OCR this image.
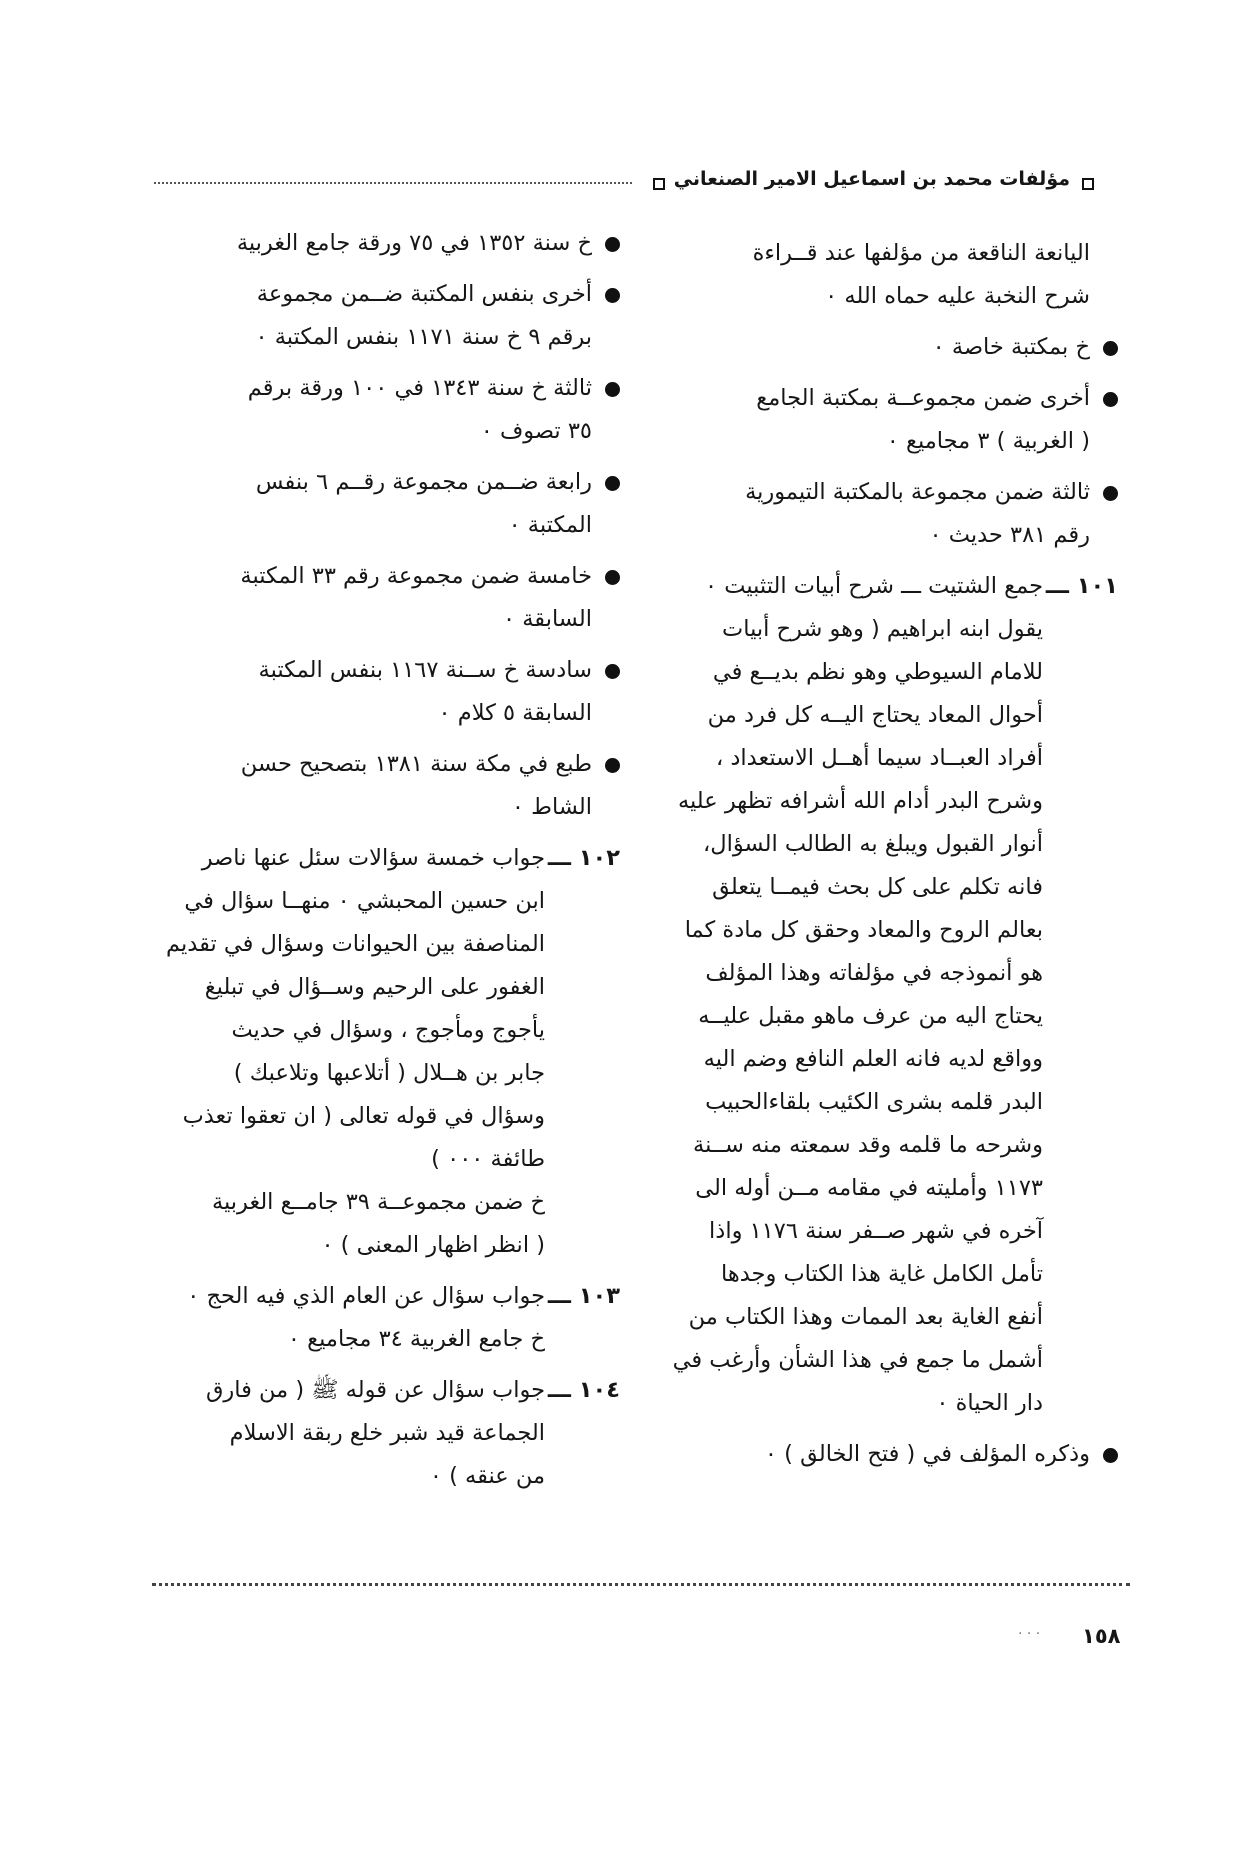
مؤلفات محمد بن اسماعيل الامير الصنعاني
اليانعة الناقعة من مؤلفها عند قــراءة
شرح النخبة عليه حماه الله ٠
خ بمكتبة خاصة ٠
أخرى ضمن مجموعــة بمكتبة الجامع
( الغربية ) ٣ مجاميع ٠
ثالثة ضمن مجموعة بالمكتبة التيمورية
رقم ٣٨١ حديث ٠
١٠١ ـــ
جمع الشتيت ـــ شرح أبيات التثبيت ٠
يقول ابنه ابراهيم ( وهو شرح أبيات
للامام السيوطي وهو نظم بديــع في
أحوال المعاد يحتاج اليــه كل فرد من
أفراد العبــاد سيما أهــل الاستعداد ،
وشرح البدر أدام الله أشرافه تظهر عليه
أنوار القبول ويبلغ به الطالب السؤال،
فانه تكلم على كل بحث فيمــا يتعلق
بعالم الروح والمعاد وحقق كل مادة كما
هو أنموذجه في مؤلفاته وهذا المؤلف
يحتاج اليه من عرف ماهو مقبل عليــه
وواقع لديه فانه العلم النافع وضم اليه
البدر قلمه بشرى الكئيب بلقاءالحبيب
وشرحه ما قلمه وقد سمعته منه ســنة
١١٧٣ وأمليته في مقامه مــن أوله الى
آخره في شهر صــفر سنة ١١٧٦ واذا
تأمل الكامل غاية هذا الكتاب وجدها
أنفع الغاية بعد الممات وهذا الكتاب من
أشمل ما جمع في هذا الشأن وأرغب في
دار الحياة ٠
وذكره المؤلف في ( فتح الخالق ) ٠
خ سنة ١٣٥٢ في ٧٥ ورقة جامع الغربية
أخرى بنفس المكتبة ضــمن مجموعة
برقم ٩ خ سنة ١١٧١ بنفس المكتبة ٠
ثالثة خ سنة ١٣٤٣ في ١٠٠ ورقة برقم
٣٥ تصوف ٠
رابعة ضــمن مجموعة رقــم ٦ بنفس
المكتبة ٠
خامسة ضمن مجموعة رقم ٣٣ المكتبة
السابقة ٠
سادسة خ ســنة ١١٦٧ بنفس المكتبة
السابقة ٥ كلام ٠
طبع في مكة سنة ١٣٨١ بتصحيح حسن
الشاط ٠
١٠٢ ـــ
جواب خمسة سؤالات سئل عنها ناصر
ابن حسين المحبشي ٠ منهــا سؤال في
المناصفة بين الحيوانات وسؤال في تقديم
الغفور على الرحيم وســؤال في تبليغ
يأجوج ومأجوج ، وسؤال في حديث
جابر بن هــلال ( أتلاعبها وتلاعبك )
وسؤال في قوله تعالى ( ان تعقوا تعذب
طائفة ٠٠٠ )
خ ضمن مجموعــة ٣٩ جامــع الغربية
( انظر اظهار المعنى ) ٠
١٠٣ ـــ
جواب سؤال عن العام الذي فيه الحج ٠
خ جامع الغربية ٣٤ مجاميع ٠
١٠٤ ـــ
جواب سؤال عن قوله ﷺ ( من فارق
الجماعة قيد شبر خلع ربقة الاسلام
من عنقه ) ٠
· · · ١٥٨
